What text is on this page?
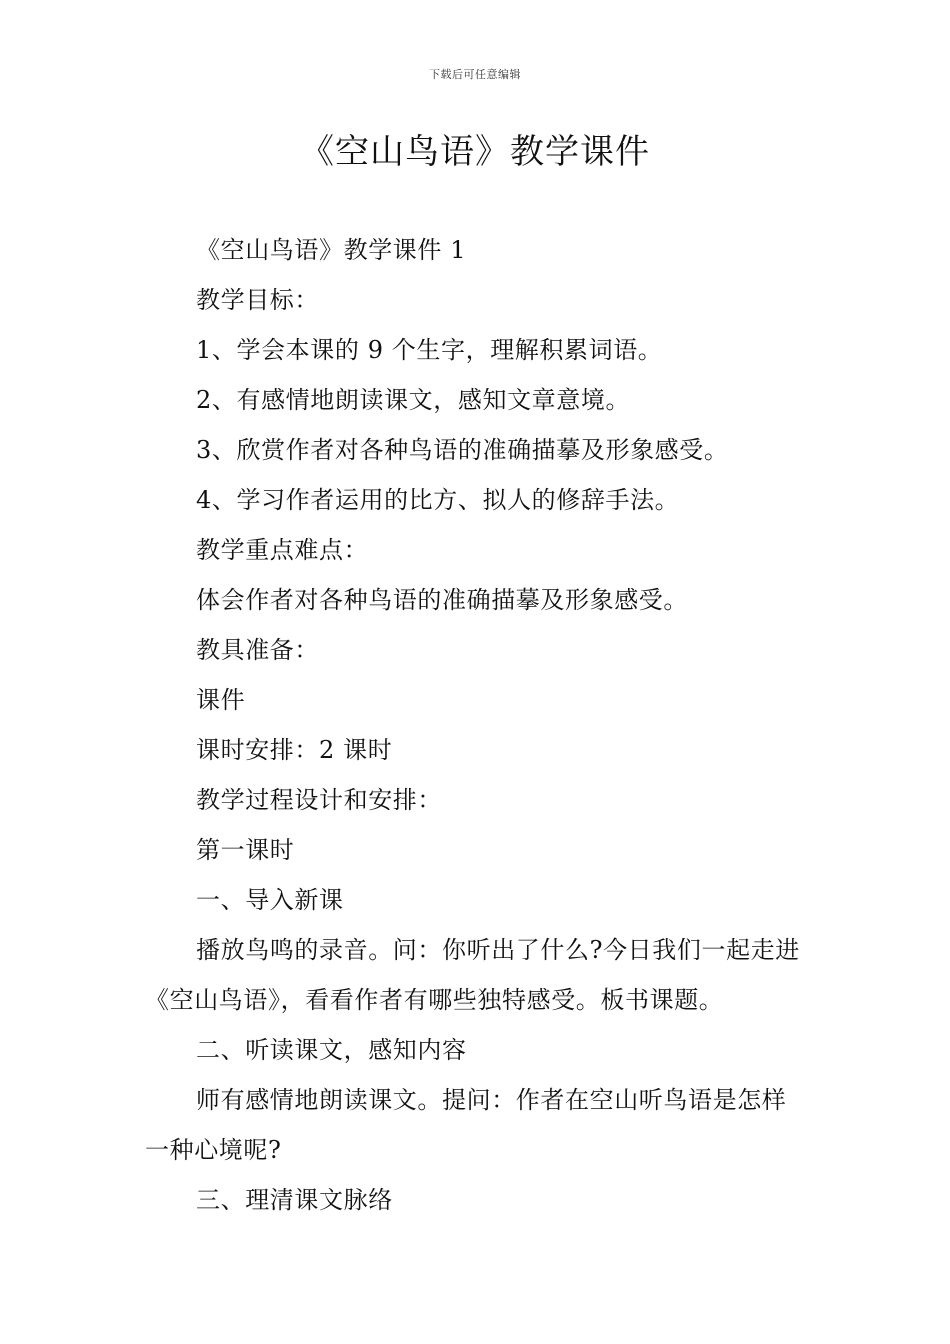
下载后可任意编辑
《空山鸟语》教学课件

《空山鸟语》教学课件 1

教学目标：

1、学会本课的 9 个生字，理解积累词语。

2、有感情地朗读课文，感知文章意境。

3、欣赏作者对各种鸟语的准确描摹及形象感受。

4、学习作者运用的比方、拟人的修辞手法。

教学重点难点：

体会作者对各种鸟语的准确描摹及形象感受。

教具准备：

课件

课时安排：2 课时

教学过程设计和安排：

第一课时

一、导入新课

播放鸟鸣的录音。问：你听出了什么?今日我们一起走进《空山鸟语》，看看作者有哪些独特感受。板书课题。

二、听读课文，感知内容

师有感情地朗读课文。提问：作者在空山听鸟语是怎样一种心境呢?

三、理清课文脉络
